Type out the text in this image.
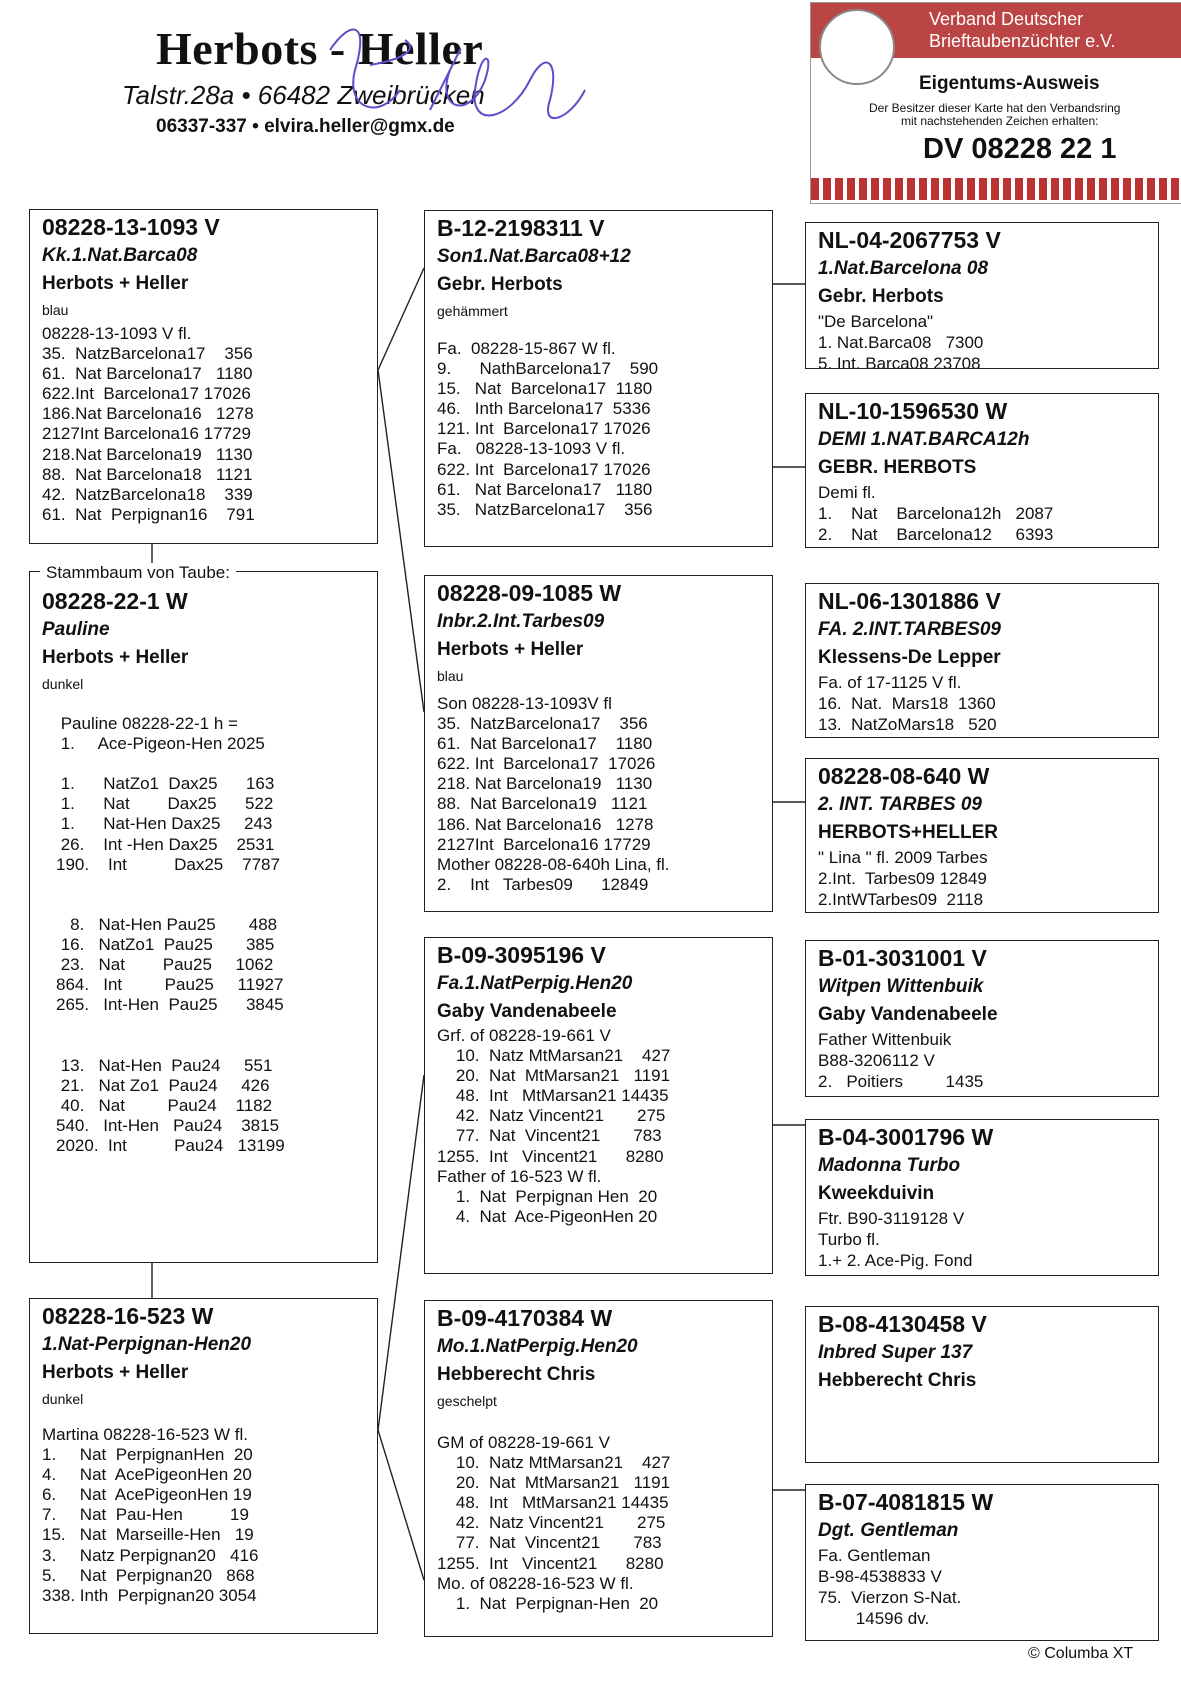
Herbots - Heller
Talstr.28a • 66482 Zweibrücken
06337-337 • elvira.heller@gmx.de
Verband Deutscher
Brieftaubenzüchter e.V.
Eigentums-Ausweis
Der Besitzer dieser Karte hat den Verbandsring
mit nachstehenden Zeichen erhalten:
DV 08228 22 1
08228-13-1093 V
Kk.1.Nat.Barca08
Herbots + Heller
blau
08228-13-1093 V fl.
35.  NatzBarcelona17    356
61.  Nat Barcelona17   1180
622.Int  Barcelona17 17026
186.Nat Barcelona16   1278
2127Int Barcelona16 17729
218.Nat Barcelona19   1130
88.  Nat Barcelona18   1121
42.  NatzBarcelona18    339
61.  Nat  Perpignan16    791
08228-22-1 W
Pauline
Herbots + Heller
dunkel
Pauline 08228-22-1 h =
1.     Ace-Pigeon-Hen 2025

1.      NatZo1  Dax25      163
1.      Nat        Dax25      522
1.      Nat-Hen Dax25     243
26.    Int -Hen Dax25    2531
190.    Int          Dax25    7787

8.   Nat-Hen Pau25       488
16.   NatZo1  Pau25       385
23.   Nat        Pau25     1062
864.   Int         Pau25     11927
265.   Int-Hen  Pau25      3845

13.   Nat-Hen  Pau24     551
21.   Nat Zo1  Pau24     426
40.   Nat         Pau24    1182
540.   Int-Hen   Pau24    3815
2020.  Int          Pau24   13199
Stammbaum von Taube:
08228-16-523 W
1.Nat-Perpignan-Hen20
Herbots + Heller
dunkel
Martina 08228-16-523 W fl.
1.     Nat  PerpignanHen  20
4.     Nat  AcePigeonHen 20
6.     Nat  AcePigeonHen 19
7.     Nat  Pau-Hen          19
15.   Nat  Marseille-Hen   19
3.     Natz Perpignan20   416
5.     Nat  Perpignan20   868
338. Inth  Perpignan20 3054
B-12-2198311 V
Son1.Nat.Barca08+12
Gebr. Herbots
gehämmert
Fa.  08228-15-867 W fl.
9.      NathBarcelona17    590
15.   Nat  Barcelona17  1180
46.   Inth Barcelona17  5336
121. Int  Barcelona17 17026
Fa.   08228-13-1093 V fl.
622. Int  Barcelona17 17026
61.   Nat Barcelona17   1180
35.   NatzBarcelona17    356
08228-09-1085 W
Inbr.2.Int.Tarbes09
Herbots + Heller
blau
Son 08228-13-1093V fl
35.  NatzBarcelona17    356
61.  Nat Barcelona17    1180
622. Int  Barcelona17  17026
218. Nat Barcelona19   1130
88.  Nat Barcelona19   1121
186. Nat Barcelona16   1278
2127Int  Barcelona16 17729
Mother 08228-08-640h Lina, fl.
2.    Int   Tarbes09      12849
B-09-3095196 V
Fa.1.NatPerpig.Hen20
Gaby Vandenabeele
Grf. of 08228-19-661 V
10.  Natz MtMarsan21    427
20.  Nat  MtMarsan21   1191
48.  Int   MtMarsan21 14435
42.  Natz Vincent21       275
77.  Nat  Vincent21       783
1255.  Int   Vincent21      8280
Father of 16-523 W fl.
1.  Nat  Perpignan Hen  20
4.  Nat  Ace-PigeonHen 20
B-09-4170384 W
Mo.1.NatPerpig.Hen20
Hebberecht Chris
geschelpt
GM of 08228-19-661 V
10.  Natz MtMarsan21    427
20.  Nat  MtMarsan21   1191
48.  Int   MtMarsan21 14435
42.  Natz Vincent21       275
77.  Nat  Vincent21       783
1255.  Int   Vincent21      8280
Mo. of 08228-16-523 W fl.
1.  Nat  Perpignan-Hen  20
NL-04-2067753 V
1.Nat.Barcelona 08
Gebr. Herbots
"De Barcelona"
1. Nat.Barca08   7300
5. Int. Barca08 23708
NL-10-1596530 W
DEMI 1.NAT.BARCA12h
GEBR. HERBOTS
Demi fl.
1.    Nat    Barcelona12h   2087
2.    Nat    Barcelona12     6393
NL-06-1301886 V
FA. 2.INT.TARBES09
Klessens-De Lepper
Fa. of 17-1125 V fl.
16.  Nat.  Mars18  1360
13.  NatZoMars18   520
08228-08-640 W
2. INT. TARBES 09
HERBOTS+HELLER
" Lina " fl. 2009 Tarbes
2.Int.  Tarbes09 12849
2.IntWTarbes09  2118
B-01-3031001 V
Witpen Wittenbuik
Gaby Vandenabeele
Father Wittenbuik
B88-3206112 V
2.   Poitiers         1435
B-04-3001796 W
Madonna Turbo
Kweekduivin
Ftr. B90-3119128 V
Turbo fl.
1.+ 2. Ace-Pig. Fond
B-08-4130458 V
Inbred Super 137
Hebberecht Chris
B-07-4081815 W
Dgt. Gentleman
Fa. Gentleman
B-98-4538833 V
75.  Vierzon S-Nat.
14596 dv.
© Columba XT
